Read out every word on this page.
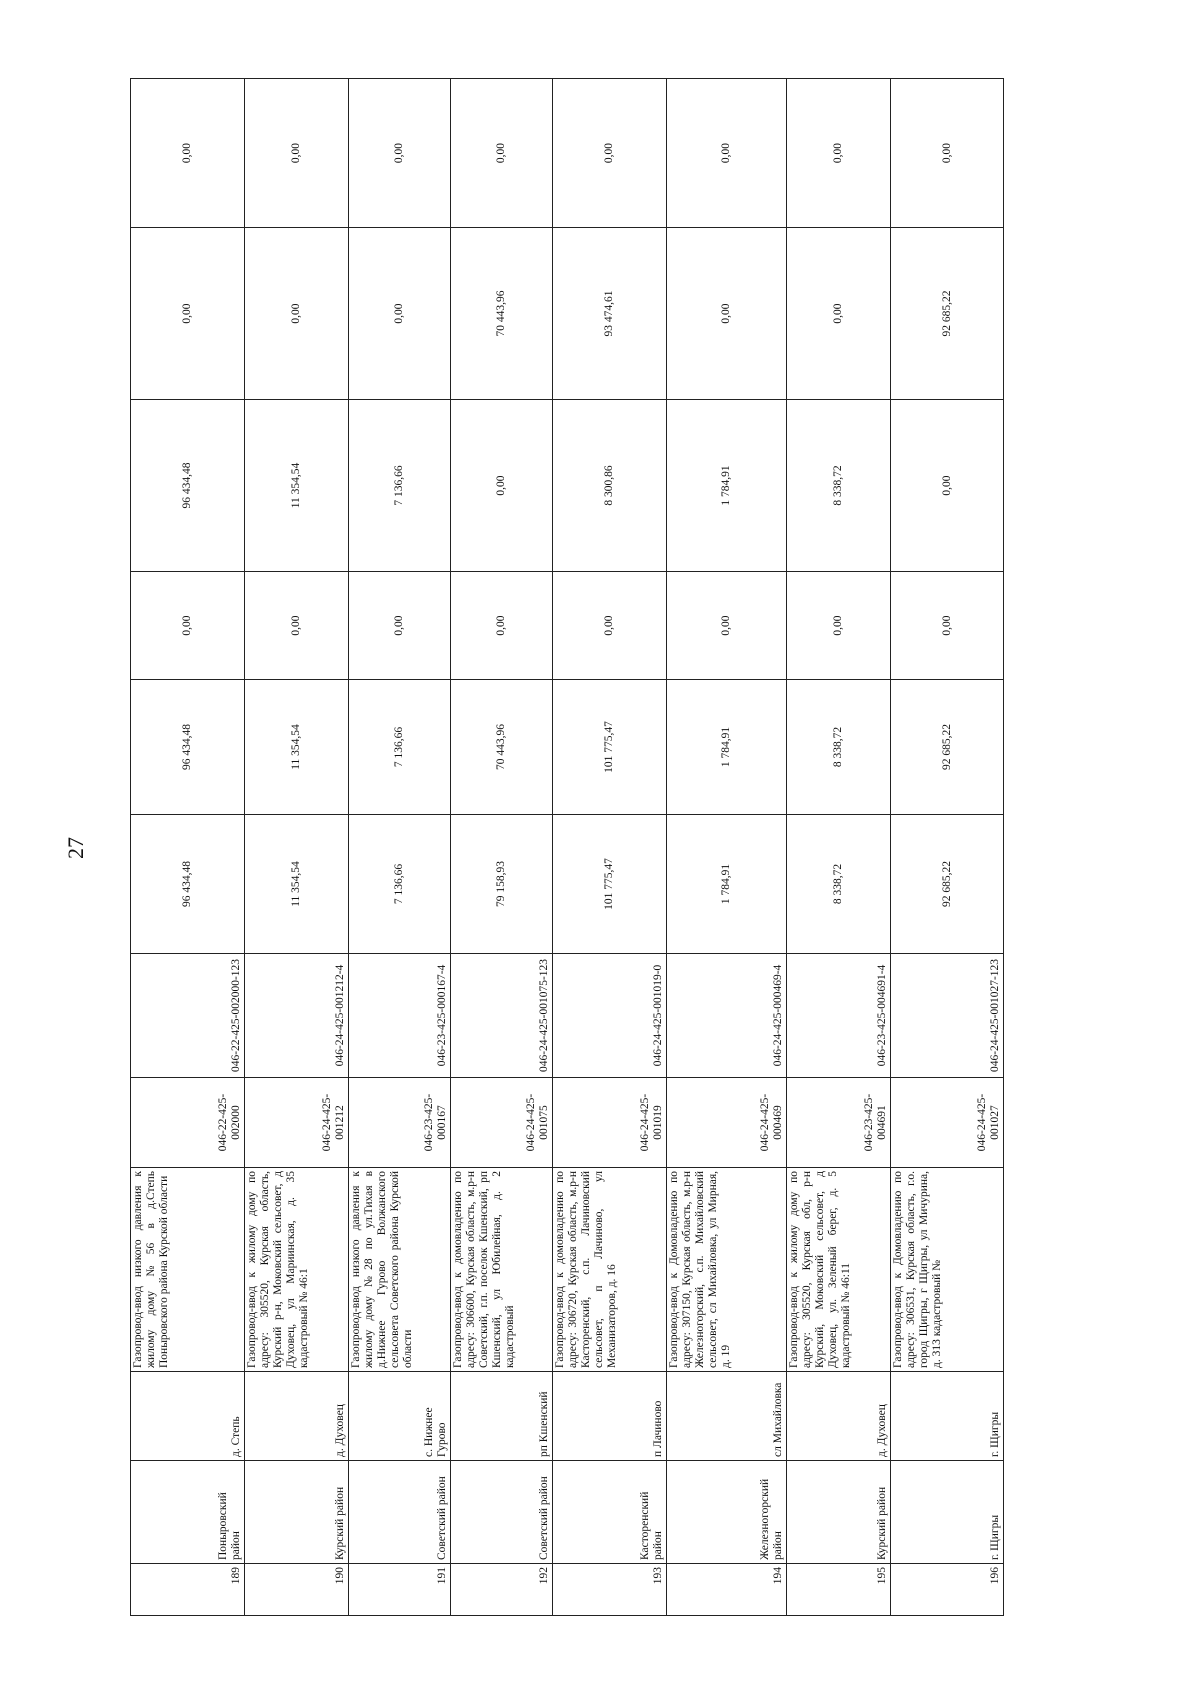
27
189	Поныровский район	д. Степь	Газопровод-ввод низкого давления к жилому дому №56 в д.Степь Поныровского района Курской области	046-22-425-002000	046-22-425-002000-123	96 434,48	96 434,48	0,00	96 434,48	0,00	0,00
190	Курский район	д. Духовец	Газопровод-ввод к жилому дому по адресу: 305520, Курская область, Курский р-н, Моковский сельсовет, д Духовец, ул Мариинская, д. 35 кадастровый № 46:1	046-24-425-001212	046-24-425-001212-4	11 354,54	11 354,54	0,00	11 354,54	0,00	0,00
191	Советский район	с. Нижнее Гурово	Газопровод-ввод низкого давления к жилому дому №28 по ул.Тихая в д.Нижнее Гурово Волжанского сельсовета Советского района Курской области	046-23-425-000167	046-23-425-000167-4	7 136,66	7 136,66	0,00	7 136,66	0,00	0,00
192	Советский район	рп Кшенский	Газопровод-ввод к домовладению по адресу: 306600, Курская область, м.р-н Советский, г.п. поселок Кшенский, рп Кшенский, ул Юбилейная, д. 2 кадастровый	046-24-425-001075	046-24-425-001075-123	79 158,93	70 443,96	0,00	0,00	70 443,96	0,00
193	Касторенский район	п Лачиново	Газопровод-ввод к домовладению по адресу: 306720, Курская область, м.р-н Касторенский, с.п. Лачиновский сельсовет, п Лачиново, ул Механизаторов, д. 16	046-24-425-001019	046-24-425-001019-0	101 775,47	101 775,47	0,00	8 300,86	93 474,61	0,00
194	Железногорский район	сл Михайловка	Газопровод-ввод к Домовладению по адресу: 307150, Курская область, м.р-н Железногорский, с.п. Михайловский сельсовет, сл Михайловка, ул Мирная, д. 19	046-24-425-000469	046-24-425-000469-4	1 784,91	1 784,91	0,00	1 784,91	0,00	0,00
195	Курский район	д. Духовец	Газопровод-ввод к жилому дому по адресу: 305520, Курская обл, р-н Курский, Моковский сельсовет, д Духовец, ул. Зеленый берег, д. 5 кадастровый № 46:11	046-23-425-004691	046-23-425-004691-4	8 338,72	8 338,72	0,00	8 338,72	0,00	0,00
196	г. Щигры	г. Щигры	Газопровод-ввод к Домовладению по адресу: 306531, Курская область, г.о. город Щигры, г Щигры, ул Мичурина, д. 313 кадастровый №	046-24-425-001027	046-24-425-001027-123	92 685,22	92 685,22	0,00	0,00	92 685,22	0,00
